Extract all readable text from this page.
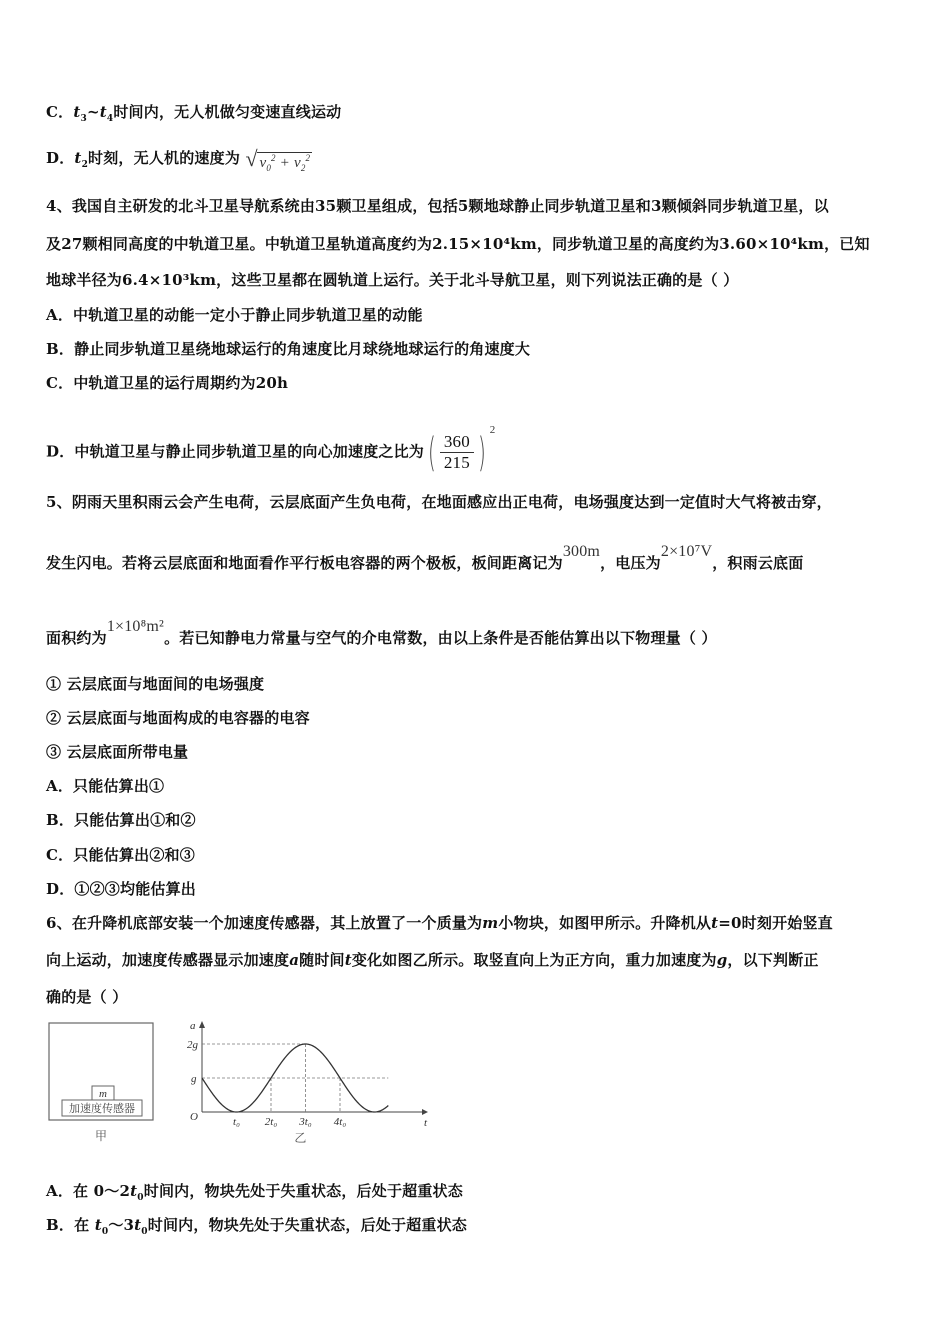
C．$t_3\sim t_4$时间内，无人机做匀变速直线运动
D．$t_2$时刻，无人机的速度为 √ $v_0^2 + v_2^2$
4、我国自主研发的北斗卫星导航系统由35颗卫星组成，包括5颗地球静止同步轨道卫星和3颗倾斜同步轨道卫星，以
及27颗相同高度的中轨道卫星。中轨道卫星轨道高度约为2.15×10⁴km，同步轨道卫星的高度约为3.60×10⁴km，已知
地球半径为6.4×10³km，这些卫星都在圆轨道上运行。关于北斗导航卫星，则下列说法正确的是（ ）
A．中轨道卫星的动能一定小于静止同步轨道卫星的动能
B．静止同步轨道卫星绕地球运行的角速度比月球绕地球运行的角速度大
C．中轨道卫星的运行周期约为20h
D．中轨道卫星与静止同步轨道卫星的向心加速度之比为( $\frac{360}{215}$ ) $^2$
5、阴雨天里积雨云会产生电荷，云层底面产生负电荷，在地面感应出正电荷，电场强度达到一定值时大气将被击穿，
发生闪电。若将云层底面和地面看作平行板电容器的两个极板，板间距离记为300m，电压为2×10⁷V，积雨云底面
面积约为1×10⁸m²。若已知静电力常量与空气的介电常数，由以上条件是否能估算出以下物理量（ ）
① 云层底面与地面间的电场强度
② 云层底面与地面构成的电容器的电容
③ 云层底面所带电量
A．只能估算出①
B．只能估算出①和②
C．只能估算出②和③
D．①②③均能估算出
6、在升降机底部安装一个加速度传感器，其上放置了一个质量为m小物块，如图甲所示。升降机从t=0时刻开始竖直
向上运动，加速度传感器显示加速度a随时间t变化如图乙所示。取竖直向上为正方向，重力加速度为g，以下判断正
确的是（ ）
m
加速度传感器
甲
a
t
O
2g
g
t₀ 2t₀ 3t₀ 4t₀
乙
A．在 $0\sim 2t_0$时间内，物块先处于失重状态，后处于超重状态
B．在 $t_0\sim 3t_0$时间内，物块先处于失重状态，后处于超重状态
